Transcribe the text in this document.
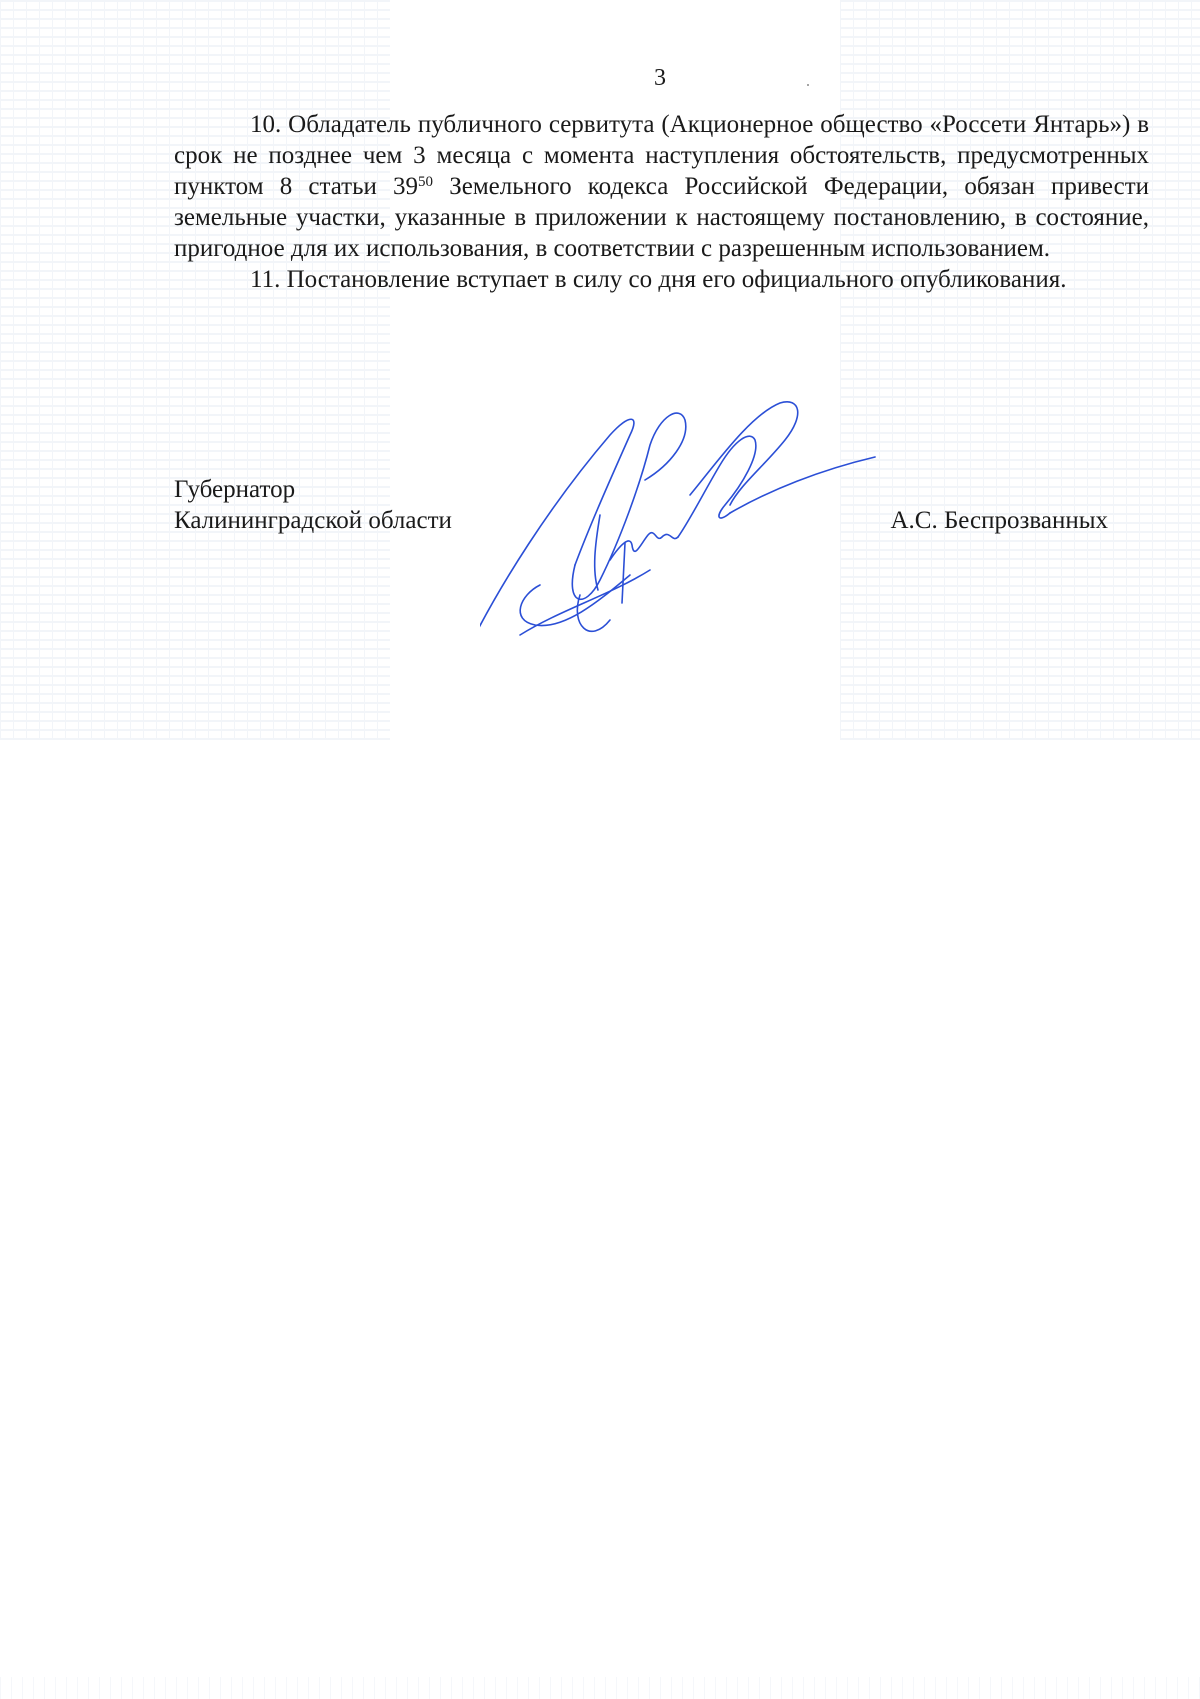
3

10. Обладатель публичного сервитута (Акционерное общество «Россети Янтарь») в срок не позднее чем 3 месяца с момента наступления обстоятельств, предусмотренных пунктом 8 статьи $39^{50}$ Земельного кодекса Российской Федерации, обязан привести земельные участки, указанные в приложении к настоящему постановлению, в состояние, пригодное для их использования, в соответствии с разрешенным использованием.

11. Постановление вступает в силу со дня его официального опубликования.

Губернатор
Калининградской области	А.С. Беспрозванных
